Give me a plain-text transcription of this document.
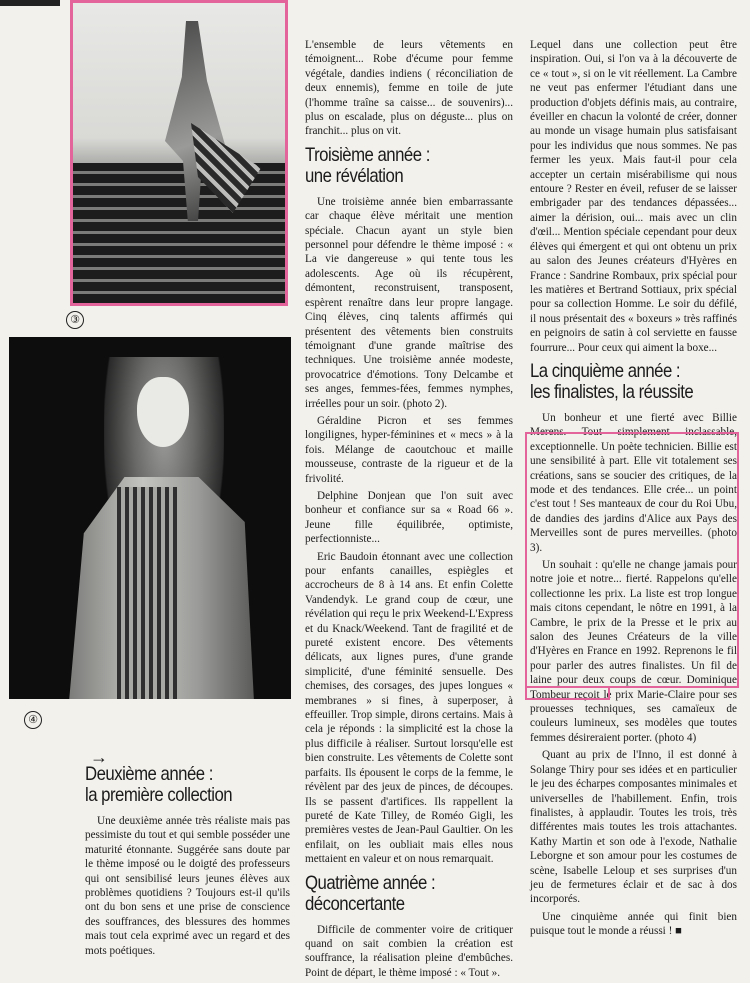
③
④
→
Deuxième année :
la première collection

Une deuxième année très réaliste mais pas pessimiste du tout et qui semble posséder une maturité étonnante. Suggérée sans doute par le thème imposé ou le doigté des professeurs qui ont sensibilisé leurs jeunes élèves aux problèmes quotidiens ? Toujours est-il qu'ils ont du bon sens et une prise de conscience des souffrances, des blessures des hommes mais tout cela exprimé avec un regard et des mots poétiques.

L'ensemble de leurs vêtements en témoignent... Robe d'écume pour femme végétale, dandies indiens ( réconciliation de deux ennemis), femme en toile de jute (l'homme traîne sa caisse... de souvenirs)... plus on escalade, plus on déguste... plus on franchit... plus on vit.

Troisième année :
une révélation

Une troisième année bien embarrassante car chaque élève méritait une mention spéciale. Chacun ayant un style bien personnel pour défendre le thème imposé : « La vie dangereuse » qui tente tous les adolescents. Age où ils récupèrent, démontent, reconstruisent, transposent, espèrent renaître dans leur propre langage. Cinq élèves, cinq talents affirmés qui présentent des vêtements bien construits témoignant d'une grande maîtrise des techniques. Une troisième année modeste, provocatrice d'émotions. Tony Delcambe et ses anges, femmes-fées, femmes nymphes, irréelles pour un soir. (photo 2).

Géraldine Picron et ses femmes longilignes, hyper-féminines et « mecs » à la fois. Mélange de caoutchouc et maille mousseuse, contraste de la rigueur et de la frivolité.

Delphine Donjean que l'on suit avec bonheur et confiance sur sa « Road 66 ». Jeune fille équilibrée, optimiste, perfectionniste...

Eric Baudoin étonnant avec une collection pour enfants canailles, espiègles et accrocheurs de 8 à 14 ans. Et enfin Colette Vandendyk. Le grand coup de cœur, une révélation qui reçu le prix Weekend-L'Express et du Knack/Weekend. Tant de fragilité et de pureté existent encore. Des vêtements délicats, aux lignes pures, d'une grande simplicité, d'une féminité sensuelle. Des chemises, des corsages, des jupes longues « membranes » si fines, à superposer, à effeuiller. Trop simple, dirons certains. Mais à cela je réponds : la simplicité est la chose la plus difficile à réaliser. Surtout lorsqu'elle est bien construite. Les vêtements de Colette sont parfaits. Ils épousent le corps de la femme, le révèlent par des jeux de pinces, de découpes. Ils se passent d'artifices. Ils rappellent la pureté de Kate Tilley, de Roméo Gigli, les premières vestes de Jean-Paul Gaultier. On les enfilait, on les oubliait mais elles nous mettaient en valeur et on nous remarquait.

Quatrième année :
déconcertante

Difficile de commenter voire de critiquer quand on sait combien la création est souffrance, la réalisation pleine d'embûches. Point de départ, le thème imposé : « Tout ».

Lequel dans une collection peut être inspiration. Oui, si l'on va à la découverte de ce « tout », si on le vit réellement. La Cambre ne veut pas enfermer l'étudiant dans une production d'objets définis mais, au contraire, éveiller en chacun la volonté de créer, donner au monde un visage humain plus satisfaisant pour les individus que nous sommes. Ne pas fermer les yeux. Mais faut-il pour cela accepter un certain misérabilisme qui nous entoure ? Rester en éveil, refuser de se laisser embrigader par des tendances dépassées... aimer la dérision, oui... mais avec un clin d'œil... Mention spéciale cependant pour deux élèves qui émergent et qui ont obtenu un prix au salon des Jeunes créateurs d'Hyères en France : Sandrine Rombaux, prix spécial pour les matières et Bertrand Sottiaux, prix spécial pour sa collection Homme. Le soir du défilé, il nous présentait des « boxeurs » très raffinés en peignoirs de satin à col serviette en fausse fourrure... Pour ceux qui aiment la boxe...

La cinquième année :
les finalistes, la réussite

Un bonheur et une fierté avec Billie Merens. Tout simplement inclassable, exceptionnelle. Un poète technicien. Billie est une sensibilité à part. Elle vit totalement ses créations, sans se soucier des critiques, de la mode et des tendances. Elle crée... un point c'est tout ! Ses manteaux de cour du Roi Ubu, de dandies des jardins d'Alice aux Pays des Merveilles sont de pures merveilles. (photo 3).

Un souhait : qu'elle ne change jamais pour notre joie et notre... fierté. Rappelons qu'elle collectionne les prix. La liste est trop longue mais citons cependant, le nôtre en 1991, à la Cambre, le prix de la Presse et le prix au salon des Jeunes Créateurs de la ville d'Hyères en France en 1992. Reprenons le fil pour parler des autres finalistes. Un fil de laine pour deux coups de cœur. Dominique Tombeur reçoit le prix Marie-Claire pour ses prouesses techniques, ses camaïeux de couleurs lumineux, ses modèles que toutes femmes désireraient porter. (photo 4)

Quant au prix de l'Inno, il est donné à Solange Thiry pour ses idées et en particulier le jeu des écharpes composantes minimales et universelles de l'habillement. Enfin, trois finalistes, à applaudir. Toutes les trois, très différentes mais toutes les trois attachantes. Kathy Martin et son ode à l'exode, Nathalie Leborgne et son amour pour les costumes de scène, Isabelle Leloup et ses surprises d'un jeu de fermetures éclair et de sac à dos incorporés.

Une cinquième année qui finit bien puisque tout le monde a réussi ! ■
